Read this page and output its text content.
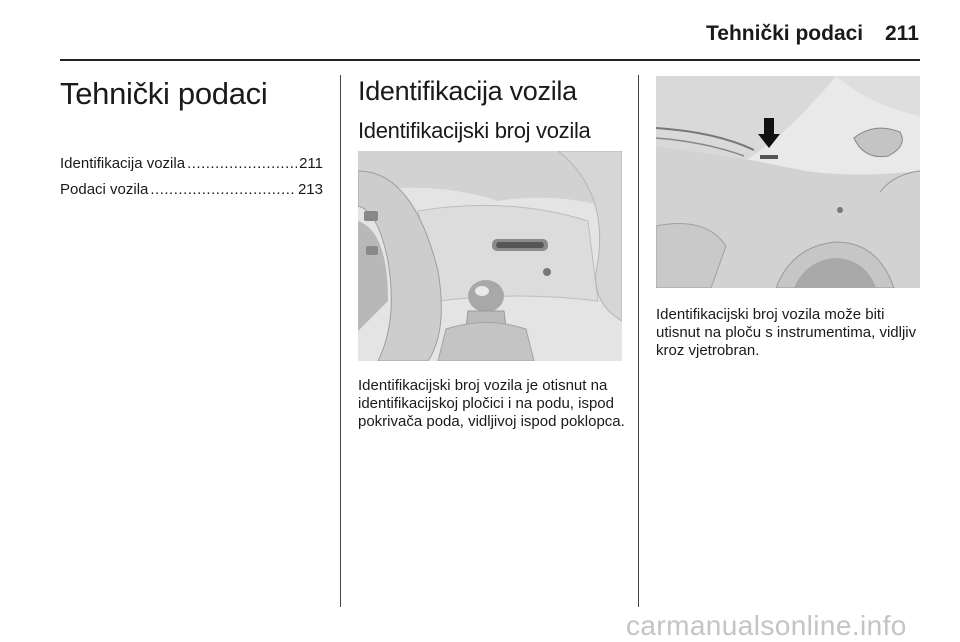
Tehnički podaci 211
Tehnički podaci
Identifikacija vozila .....	211
Podaci vozila .....	213
Identifikacija vozila
Identifikacijski broj vozila

Identifikacijski broj vozila je otisnut na identifikacijskoj pločici i na podu, ispod pokrivača poda, vidljivoj ispod poklopca.

Identifikacijski broj vozila može biti utisnut na ploču s instrumentima, vidljiv kroz vjetrobran.

carmanualsonline.info
